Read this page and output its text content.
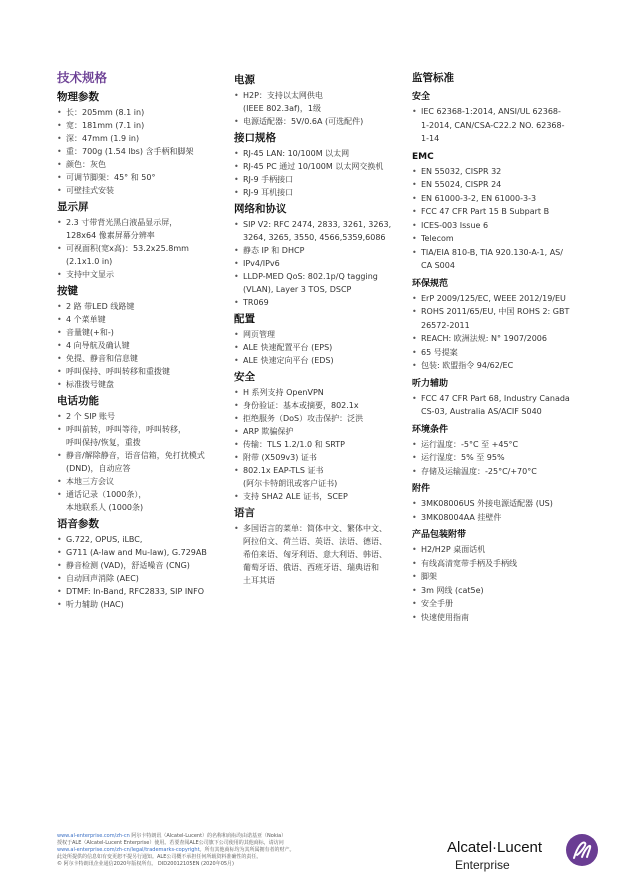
技术规格
物理参数
• 长：205mm (8.1 in)
• 宽：181mm (7.1 in)
• 深：47mm (1.9 in)
• 重：700g (1.54 lbs) 含手柄和脚架
• 颜色：灰色
• 可调节脚架：45° 和 50°
• 可壁挂式安装
显示屏
• 2.3 寸带背光黑白液晶显示屏，
128x64 像素屏幕分辨率
• 可视面积(宽x高)：53.2x25.8mm
(2.1x1.0 in)
• 支持中文显示
按键
• 2 路 带LED 线路键
• 4 个菜单键
• 音量键(+和-)
• 4 向导航及确认键
• 免提、静音和信息键
• 呼叫保持、呼叫转移和重拨键
• 标准拨号键盘
电话功能
• 2 个 SIP 账号
• 呼叫前转，呼叫等待，呼叫转移，
呼叫保持/恢复，重拨
• 静音/解除静音，语音信箱，免打扰模式
(DND)，自动应答
• 本地三方会议
• 通话记录（1000条），
本地联系人 (1000条)
语音参数
• G.722, OPUS, iLBC,
• G711 (A-law and Mu-law), G.729AB
• 静音检测 (VAD)，舒适噪音 (CNG)
• 自动回声消除 (AEC)
• DTMF: In-Band, RFC2833, SIP INFO
• 听力辅助 (HAC)
电源
• H2P：支持以太网供电
(IEEE 802.3af)，1级
• 电源适配器：5V/0.6A (可选配件)
接口规格
• RJ-45 LAN: 10/100M 以太网
• RJ-45 PC 通过 10/100M 以太网交换机
• RJ-9 手柄接口
• RJ-9 耳机接口
网络和协议
• SIP V2: RFC 2474, 2833, 3261, 3263,
3264, 3265, 3550, 4566,5359,6086
• 静态 IP 和 DHCP
• IPv4/IPv6
• LLDP-MED QoS: 802.1p/Q tagging
(VLAN), Layer 3 TOS, DSCP
• TR069
配置
• 网页管理
• ALE 快速配置平台 (EPS)
• ALE 快速定向平台 (EDS)
安全
• H 系列支持 OpenVPN
• 身份验证：基本或摘要，802.1x
• 拒绝服务（DoS）攻击保护：泛洪
• ARP 欺骗保护
• 传输：TLS 1.2/1.0 和 SRTP
• 附带 (X509v3) 证书
• 802.1x EAP-TLS 证书
(阿尔卡特朗讯或客户证书)
• 支持 SHA2 ALE 证书，SCEP
语言
• 多国语言的菜单：简体中文、繁体中文、
阿拉伯文、荷兰语、英语、法语、德语、
希伯来语、匈牙利语、意大利语、韩语、
葡萄牙语、俄语、西班牙语、瑞典语和
土耳其语
监管标准
安全
• IEC 62368-1:2014, ANSI/UL 62368-
1-2014, CAN/CSA-C22.2 NO. 62368-
1-14
EMC
• EN 55032, CISPR 32
• EN 55024, CISPR 24
• EN 61000-3-2, EN 61000-3-3
• FCC 47 CFR Part 15 B Subpart B
• ICES-003 Issue 6
• Telecom
• TIA/EIA 810-B, TIA 920.130-A-1, AS/
CA S004
环保规范
• ErP 2009/125/EC, WEEE 2012/19/EU
• ROHS 2011/65/EU, 中国 ROHS 2: GBT
26572-2011
• REACH: 欧洲法规: N° 1907/2006
• 65 号提案
• 包装: 欧盟指令 94/62/EC
听力辅助
• FCC 47 CFR Part 68, Industry Canada
CS-03, Australia AS/ACIF S040
环境条件
• 运行温度：-5°C 至 +45°C
• 运行湿度：5% 至 95%
• 存储及运输温度：-25°C/+70°C
附件
• 3MK08006US 外接电源适配器 (US)
• 3MK08004AA 挂壁件
产品包装附带
• H2/H2P 桌面话机
• 有线高清宽带手柄及手柄线
• 脚架
• 3m 网线 (cat5e)
• 安全手册
• 快速使用指南
www.al-enterprise.com/zh-cn 阿尔卡特朗讯（Alcatel-Lucent）的名称和商标均由诺基亚（Nokia）
授权于ALE（Alcatel-Lucent Enterprise）使用。若要查阅ALE公司旗下公司使用的其他商标，请访问
www.al-enterprise.com/zh-cn/legal/trademarks-copyright。所有其他商标均为其所属拥有者的财产。
此处所提供的信息如有变更恕不提另行通知。ALE公司概不承担任何所载资料准确性的责任。
© 阿尔卡特朗讯企业通信2020年版权所有。 DID20012105EN (2020年05月)
Alcatel·Lucent
Enterprise
